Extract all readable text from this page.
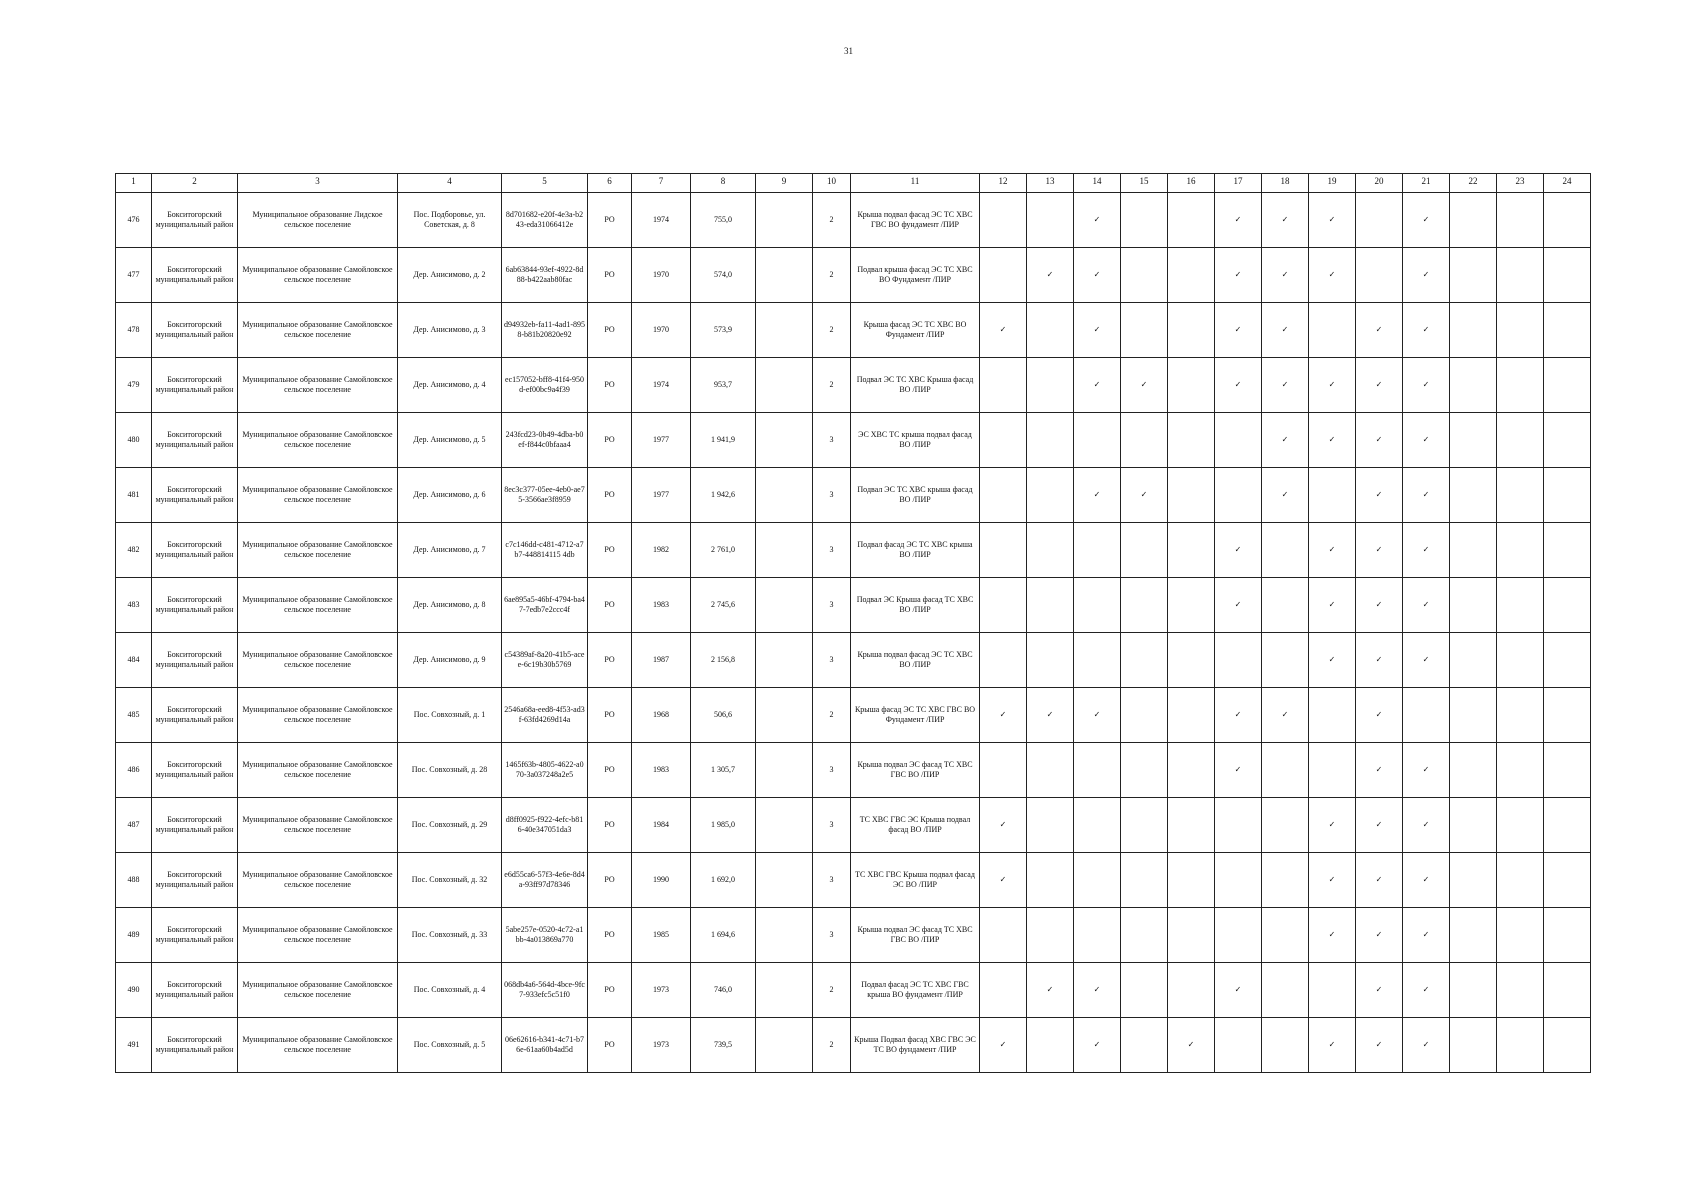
31
1	2	3	4	5	6	7	8	9	10	11	12	13	14	15	16	17	18	19	20	21	22	23	24
476	Бокситогорский муниципальный район	Муниципальное образование Лидское сельское поселение	Пос. Подборовье, ул. Советская, д. 8	8d701682-e20f-4e3a-b243-eda31066412e	РО	1974	755,0		2	Крыша подвал фасад ЭС ТС ХВС ГВС ВО фундамент /ПИР			✓			✓	✓	✓		✓			
477	Бокситогорский муниципальный район	Муниципальное образование Самойловское сельское поселение	Дер. Анисимово, д. 2	6ab63844-93ef-4922-8d88-b422aab80fac	РО	1970	574,0		2	Подвал крыша фасад ЭС ТС ХВС ВО Фундамент /ПИР		✓	✓			✓	✓	✓		✓			
478	Бокситогорский муниципальный район	Муниципальное образование Самойловское сельское поселение	Дер. Анисимово, д. 3	d94932eb-fa11-4ad1-8958-b81b20820e92	РО	1970	573,9		2	Крыша фасад ЭС ТС ХВС ВО Фундамент /ПИР	✓		✓			✓	✓		✓	✓			
479	Бокситогорский муниципальный район	Муниципальное образование Самойловское сельское поселение	Дер. Анисимово, д. 4	ec157052-bff8-41f4-950d-ef00bc9a4f39	РО	1974	953,7		2	Подвал ЭС ТС ХВС Крыша фасад ВО /ПИР			✓	✓		✓	✓	✓	✓	✓			
480	Бокситогорский муниципальный район	Муниципальное образование Самойловское сельское поселение	Дер. Анисимово, д. 5	243fcd23-0b49-4dba-b0ef-f844c0bfaaa4	РО	1977	1 941,9		3	ЭС ХВС ТС крыша подвал фасад ВО /ПИР							✓	✓	✓	✓			
481	Бокситогорский муниципальный район	Муниципальное образование Самойловское сельское поселение	Дер. Анисимово, д. 6	8ec3c377-05ee-4eb0-ae75-3566ae3f8959	РО	1977	1 942,6		3	Подвал ЭС ТС ХВС крыша фасад ВО /ПИР			✓	✓			✓		✓	✓			
482	Бокситогорский муниципальный район	Муниципальное образование Самойловское сельское поселение	Дер. Анисимово, д. 7	c7c146dd-c481-4712-a7b7-448814115 4db	РО	1982	2 761,0		3	Подвал фасад ЭС ТС ХВС крыша ВО /ПИР						✓		✓	✓	✓			
483	Бокситогорский муниципальный район	Муниципальное образование Самойловское сельское поселение	Дер. Анисимово, д. 8	6ae895a5-46bf-4794-ba47-7edb7e2ccc4f	РО	1983	2 745,6		3	Подвал ЭС Крыша фасад ТС ХВС ВО /ПИР						✓		✓	✓	✓			
484	Бокситогорский муниципальный район	Муниципальное образование Самойловское сельское поселение	Дер. Анисимово, д. 9	c54389af-8a20-41b5-acee-6c19b30b5769	РО	1987	2 156,8		3	Крыша подвал фасад ЭС ТС ХВС ВО /ПИР								✓	✓	✓			
485	Бокситогорский муниципальный район	Муниципальное образование Самойловское сельское поселение	Пос. Совхозный, д. 1	2546a68a-eed8-4f53-ad3f-63fd4269d14a	РО	1968	506,6		2	Крыша фасад ЭС ТС ХВС ГВС ВО Фундамент /ПИР	✓	✓	✓			✓	✓		✓				
486	Бокситогорский муниципальный район	Муниципальное образование Самойловское сельское поселение	Пос. Совхозный, д. 28	1465f63b-4805-4622-a070-3a037248a2e5	РО	1983	1 305,7		3	Крыша подвал ЭС фасад ТС ХВС ГВС ВО /ПИР						✓			✓	✓			
487	Бокситогорский муниципальный район	Муниципальное образование Самойловское сельское поселение	Пос. Совхозный, д. 29	d8ff0925-f922-4efc-b816-40e347051da3	РО	1984	1 985,0		3	ТС ХВС ГВС ЭС Крыша подвал фасад ВО /ПИР	✓							✓	✓	✓			
488	Бокситогорский муниципальный район	Муниципальное образование Самойловское сельское поселение	Пос. Совхозный, д. 32	e6d55ca6-57f3-4e6e-8d4a-93ff97d78346	РО	1990	1 692,0		3	ТС ХВС ГВС Крыша подвал фасад ЭС ВО /ПИР	✓							✓	✓	✓			
489	Бокситогорский муниципальный район	Муниципальное образование Самойловское сельское поселение	Пос. Совхозный, д. 33	5abe257e-0520-4c72-a1bb-4a013869a770	РО	1985	1 694,6		3	Крыша подвал ЭС фасад ТС ХВС ГВС ВО /ПИР								✓	✓	✓			
490	Бокситогорский муниципальный район	Муниципальное образование Самойловское сельское поселение	Пос. Совхозный, д. 4	068db4a6-564d-4bce-9fc7-933efc5c51f0	РО	1973	746,0		2	Подвал фасад ЭС ТС ХВС ГВС крыша ВО фундамент /ПИР		✓	✓			✓			✓	✓			
491	Бокситогорский муниципальный район	Муниципальное образование Самойловское сельское поселение	Пос. Совхозный, д. 5	06e62616-b341-4c71-b76e-61aa60b4ad5d	РО	1973	739,5		2	Крыша Подвал фасад ХВС ГВС ЭС ТС ВО фундамент /ПИР	✓		✓		✓			✓	✓	✓			
